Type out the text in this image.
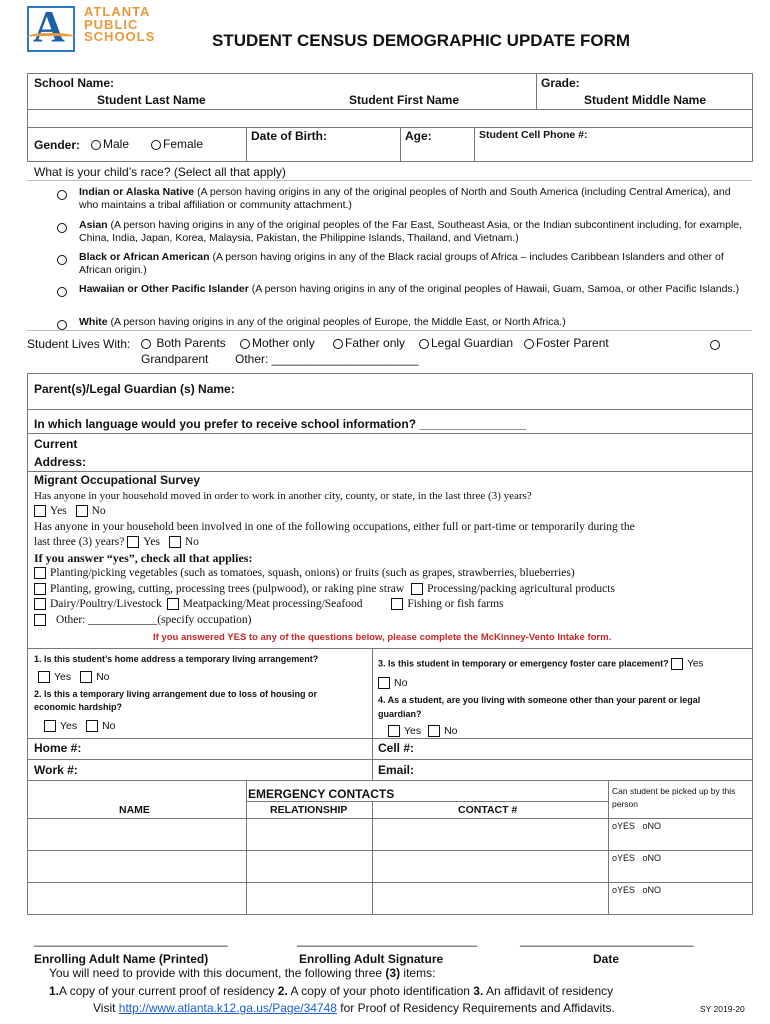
A ATLANTA
PUBLIC
SCHOOLS	STUDENT CENSUS DEMOGRAPHIC UPDATE FORM
School Name:	Grade:
Student Last Name	Student First Name	Student Middle Name
Gender:	Male	Female
Date of Birth:	Age:	Student Cell Phone #:
What is your child’s race? (Select all that apply)
Indian or Alaska Native (A person having origins in any of the original peoples of North and South America (including Central America), and who maintains a tribal affiliation or community attachment.)
Asian (A person having origins in any of the original peoples of the Far East, Southeast Asia, or the Indian subcontinent including, for example, China, India, Japan, Korea, Malaysia, Pakistan, the Philippine Islands, Thailand, and Vietnam.)
Black or African American (A person having origins in any of the Black racial groups of Africa – includes Caribbean Islanders and other of African origin.)
Hawaiian or Other Pacific Islander (A person having origins in any of the original peoples of Hawaii, Guam, Samoa, or other Pacific Islands.)
White (A person having origins in any of the original peoples of Europe, the Middle East, or North Africa.)
Student Lives With:	Both Parents	Mother only	Father only	Legal Guardian	Foster Parent
Grandparent Other: ______________________
Parent(s)/Legal Guardian (s) Name:
In which language would you prefer to receive school information? ________________
Current
Address:
Migrant Occupational Survey
Has anyone in your household moved in order to work in another city, county, or state, in the last three (3) years?
Yes No
Has anyone in your household been involved in one of the following occupations, either full or part-time or temporarily during the
last three (3) years? Yes No
If you answer “yes”, check all that applies:
Planting/picking vegetables (such as tomatoes, squash, onions) or fruits (such as grapes, strawberries, blueberries)
Planting, growing, cutting, processing trees (pulpwood), or raking pine straw Processing/packing agricultural products
Dairy/Poultry/Livestock Meatpacking/Meat processing/Seafood	Fishing or fish farms
Other: ____________(specify occupation)
If you answered YES to any of the questions below, please complete the McKinney-Vento Intake form.
1. Is this student’s home address a temporary living arrangement?
Yes No
2. Is this a temporary living arrangement due to loss of housing or economic hardship?
Yes No
3. Is this student in temporary or emergency foster care placement? Yes
No
4. As a student, are you living with someone other than your parent or legal guardian?
Yes No
Home #:	Cell #:
Work #:	Email:
EMERGENCY CONTACTS
NAME	RELATIONSHIP	CONTACT #
Can student be picked up by this person
oYES   oNO
oYES   oNO
oYES   oNO
_____________________________	___________________________	__________________________
Enrolling Adult Name (Printed)	Enrolling Adult Signature	Date
You will need to provide with this document, the following three (3) items:
1.A copy of your current proof of residency 2. A copy of your photo identification 3. An affidavit of residency
Visit http://www.atlanta.k12.ga.us/Page/34748 for Proof of Residency Requirements and Affidavits.	SY 2019-20
